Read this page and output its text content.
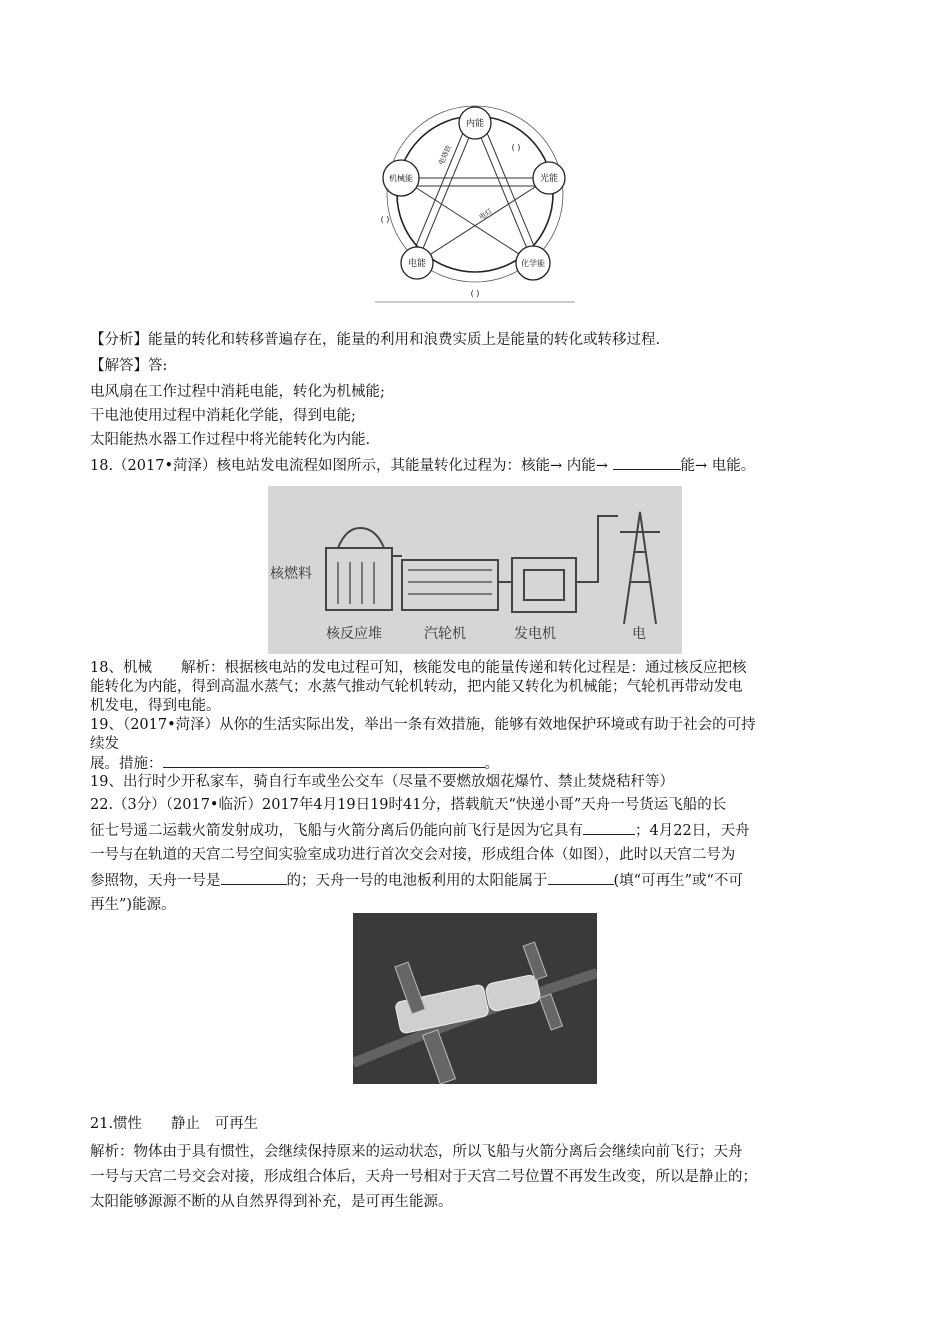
内能
光能
化学能
电能
机械能
电烙铁
电灯
( )
( )
( )
【分析】能量的转化和转移普遍存在，能量的利用和浪费实质上是能量的转化或转移过程.
【解答】答:
电风扇在工作过程中消耗电能，转化为机械能;
干电池使用过程中消耗化学能，得到电能;
太阳能热水器工作过程中将光能转化为内能.
18.（2017•菏泽）核电站发电流程如图所示，其能量转化过程为：核能→ 内能→	能→ 电能。
核燃料
核反应堆	汽轮机	发电机	电
18、机械　　解析：根据核电站的发电过程可知，核能发电的能量传递和转化过程是：通过核反应把核
能转化为内能，得到高温水蒸气；水蒸气推动气轮机转动，把内能又转化为机械能；气轮机再带动发电
机发电，得到电能。
19、（2017•菏泽）从你的生活实际出发，举出一条有效措施，能够有效地保护环境或有助于社会的可持
续发
展。措施：	。
19、出行时少开私家车，骑自行车或坐公交车（尽量不要燃放烟花爆竹、禁止焚烧秸秆等）
22.（3分）（2017•临沂）2017年4月19日19时41分，搭载航天“快递小哥”天舟一号货运飞船的长
征七号遥二运载火箭发射成功，飞船与火箭分离后仍能向前飞行是因为它具有	；4月22日，天舟
一号与在轨道的天宫二号空间实验室成功进行首次交会对接，形成组合体（如图），此时以天宫二号为
参照物，天舟一号是	的；天舟一号的电池板利用的太阳能属于	(填“可再生”或“不可
再生”)能源。
21.惯性　　静止　可再生
解析：物体由于具有惯性，会继续保持原来的运动状态，所以飞船与火箭分离后会继续向前飞行；天舟
一号与天宫二号交会对接，形成组合体后，天舟一号相对于天宫二号位置不再发生改变，所以是静止的；
太阳能够源源不断的从自然界得到补充，是可再生能源。
